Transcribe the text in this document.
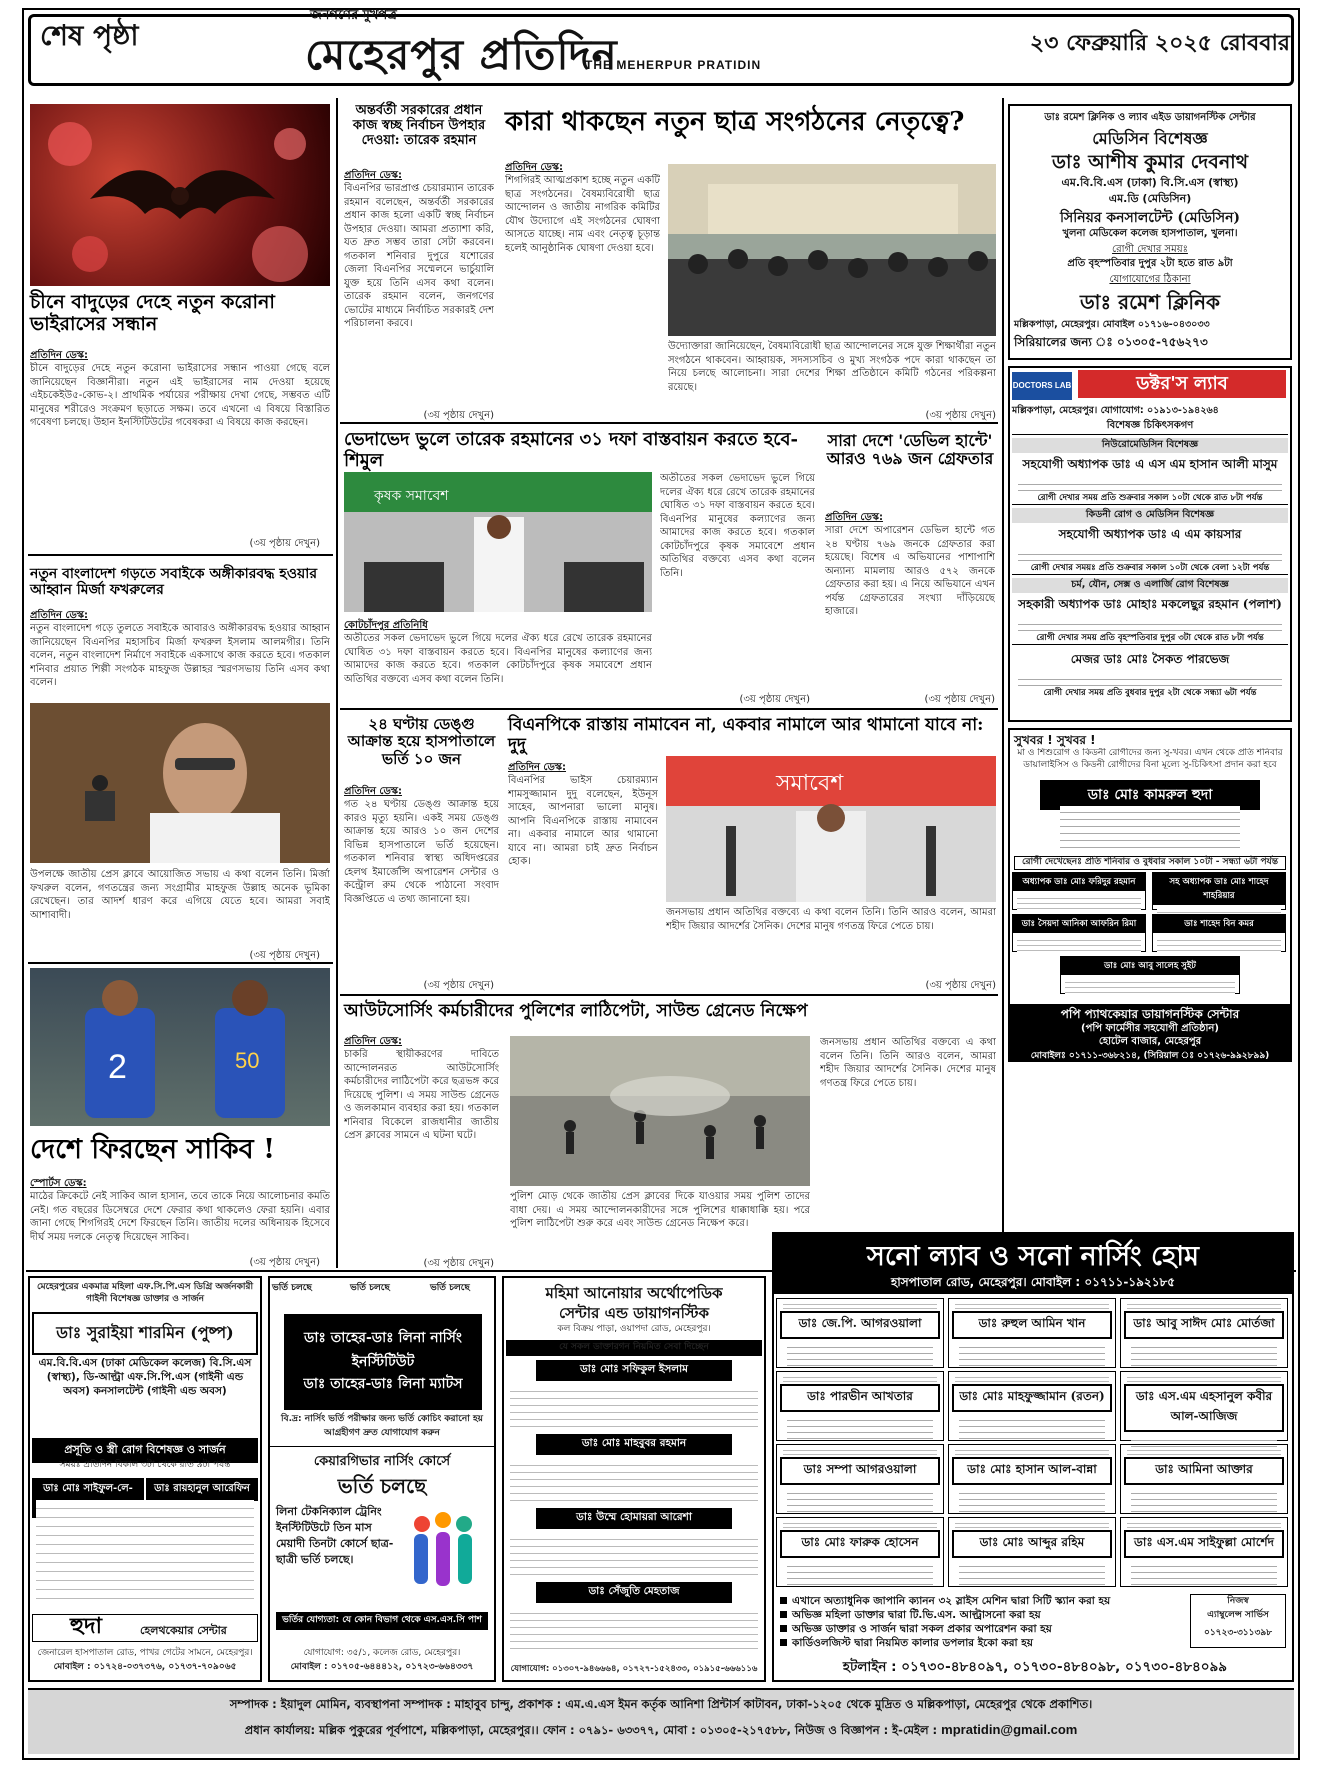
শেষ পৃষ্ঠা
জনগণের মুখপত্র
মেহেরপুর প্রতিদিন
THE MEHERPUR PRATIDIN
২৩ ফেব্রুয়ারি ২০২৫ রোববার
চীনে বাদুড়ের দেহে নতুন করোনা ভাইরাসের সন্ধান
প্রতিদিন ডেস্ক:
চীনে বাদুড়ের দেহে নতুন করোনা ভাইরাসের সন্ধান পাওয়া গেছে বলে জানিয়েছেন বিজ্ঞানীরা। নতুন এই ভাইরাসের নাম দেওয়া হয়েছে এইচকেইউ৫-কোভ-২। প্রাথমিক পর্যায়ের পরীক্ষায় দেখা গেছে, সম্ভবত এটি মানুষের শরীরেও সংক্রমণ ছড়াতে সক্ষম। তবে এখনো এ বিষয়ে বিস্তারিত গবেষণা চলছে। উহান ইনস্টিটিউটের গবেষকরা এ বিষয়ে কাজ করছেন।
(৩য় পৃষ্ঠায় দেখুন)
নতুন বাংলাদেশ গড়তে সবাইকে অঙ্গীকারবদ্ধ হওয়ার আহ্বান মির্জা ফখরুলের
প্রতিদিন ডেস্ক:
নতুন বাংলাদেশ গড়ে তুলতে সবাইকে আবারও অঙ্গীকারবদ্ধ হওয়ার আহ্বান জানিয়েছেন বিএনপির মহাসচিব মির্জা ফখরুল ইসলাম আলমগীর। তিনি বলেন, নতুন বাংলাদেশ নির্মাণে সবাইকে একসাথে কাজ করতে হবে। গতকাল শনিবার প্রয়াত শিল্পী সংগঠক মাহফুজ উল্লাহর স্মরণসভায় তিনি এসব কথা বলেন।
উপলক্ষে জাতীয় প্রেস ক্লাবে আয়োজিত সভায় এ কথা বলেন তিনি। মির্জা ফখরুল বলেন, গণতন্ত্রের জন্য সংগ্রামীর মাহফুজ উল্লাহ অনেক ভূমিকা রেখেছেন। তার আদর্শ ধারণ করে এগিয়ে যেতে হবে। আমরা সবাই আশাবাদী।
(৩য় পৃষ্ঠায় দেখুন)
2	50
দেশে ফিরছেন সাকিব !
স্পোর্টস ডেস্ক:
মাঠের ক্রিকেটে নেই সাকিব আল হাসান, তবে তাকে নিয়ে আলোচনার কমতি নেই। গত বছরের ডিসেম্বরে দেশে ফেরার কথা থাকলেও ফেরা হয়নি। এবার জানা গেছে শিগগিরই দেশে ফিরছেন তিনি। জাতীয় দলের অধিনায়ক হিসেবে দীর্ঘ সময় দলকে নেতৃত্ব দিয়েছেন সাকিব।
(৩য় পৃষ্ঠায় দেখুন)
অন্তর্বর্তী সরকারের প্রধান কাজ স্বচ্ছ নির্বাচন উপহার দেওয়া: তারেক রহমান
প্রতিদিন ডেস্ক:
বিএনপির ভারপ্রাপ্ত চেয়ারম্যান তারেক রহমান বলেছেন, অন্তর্বর্তী সরকারের প্রধান কাজ হলো একটি স্বচ্ছ নির্বাচন উপহার দেওয়া। আমরা প্রত্যাশা করি, যত দ্রুত সম্ভব তারা সেটা করবেন। গতকাল শনিবার দুপুরে যশোরের জেলা বিএনপির সম্মেলনে ভার্চুয়ালি যুক্ত হয়ে তিনি এসব কথা বলেন। তারেক রহমান বলেন, জনগণের ভোটের মাধ্যমে নির্বাচিত সরকারই দেশ পরিচালনা করবে।
(৩য় পৃষ্ঠায় দেখুন)
কারা থাকছেন নতুন ছাত্র সংগঠনের নেতৃত্বে?
প্রতিদিন ডেস্ক:
শিগগিরই আত্মপ্রকাশ হচ্ছে নতুন একটি ছাত্র সংগঠনের। বৈষম্যবিরোধী ছাত্র আন্দোলন ও জাতীয় নাগরিক কমিটির যৌথ উদ্যোগে এই সংগঠনের ঘোষণা আসতে যাচ্ছে। নাম এবং নেতৃত্ব চূড়ান্ত হলেই আনুষ্ঠানিক ঘোষণা দেওয়া হবে।
উদ্যোক্তারা জানিয়েছেন, বৈষম্যবিরোধী ছাত্র আন্দোলনের সঙ্গে যুক্ত শিক্ষার্থীরা নতুন সংগঠনে থাকবেন। আহ্বায়ক, সদস্যসচিব ও মুখ্য সংগঠক পদে কারা থাকছেন তা নিয়ে চলছে আলোচনা। সারা দেশের শিক্ষা প্রতিষ্ঠানে কমিটি গঠনের পরিকল্পনা রয়েছে।
(৩য় পৃষ্ঠায় দেখুন)
ভেদাভেদ ভুলে তারেক রহমানের ৩১ দফা বাস্তবায়ন করতে হবে- শিমুল
কৃষক সমাবেশ
অতীতের সকল ভেদাভেদ ভুলে গিয়ে দলের ঐক্য ধরে রেখে তারেক রহমানের ঘোষিত ৩১ দফা বাস্তবায়ন করতে হবে। বিএনপির মানুষের কল্যাণের জন্য আমাদের কাজ করতে হবে। গতকাল কোটচাঁদপুরে কৃষক সমাবেশে প্রধান অতিথির বক্তব্যে এসব কথা বলেন তিনি।
কোটচাঁদপুর প্রতিনিধি
অতীতের সকল ভেদাভেদ ভুলে গিয়ে দলের ঐক্য ধরে রেখে তারেক রহমানের ঘোষিত ৩১ দফা বাস্তবায়ন করতে হবে। বিএনপির মানুষের কল্যাণের জন্য আমাদের কাজ করতে হবে। গতকাল কোটচাঁদপুরে কৃষক সমাবেশে প্রধান অতিথির বক্তব্যে এসব কথা বলেন তিনি।
(৩য় পৃষ্ঠায় দেখুন)
সারা দেশে 'ডেভিল হান্টে' আরও ৭৬৯ জন গ্রেফতার
প্রতিদিন ডেস্ক:
সারা দেশে অপারেশন ডেভিল হান্টে গত ২৪ ঘণ্টায় ৭৬৯ জনকে গ্রেফতার করা হয়েছে। বিশেষ এ অভিযানের পাশাপাশি অন্যান্য মামলায় আরও ৫৭২ জনকে গ্রেফতার করা হয়। এ নিয়ে অভিযানে এখন পর্যন্ত গ্রেফতারের সংখ্যা দাঁড়িয়েছে হাজারে।
(৩য় পৃষ্ঠায় দেখুন)
২৪ ঘণ্টায় ডেঙ্গু আক্রান্ত হয়ে হাসপাতালে ভর্তি ১০ জন
প্রতিদিন ডেস্ক:
গত ২৪ ঘণ্টায় ডেঙ্গু আক্রান্ত হয়ে কারও মৃত্যু হয়নি। একই সময় ডেঙ্গু আক্রান্ত হয়ে আরও ১০ জন দেশের বিভিন্ন হাসপাতালে ভর্তি হয়েছেন। গতকাল শনিবার স্বাস্থ্য অধিদপ্তরের হেলথ ইমার্জেন্সি অপারেশন সেন্টার ও কন্ট্রোল রুম থেকে পাঠানো সংবাদ বিজ্ঞপ্তিতে এ তথ্য জানানো হয়।
(৩য় পৃষ্ঠায় দেখুন)
বিএনপিকে রাস্তায় নামাবেন না, একবার নামালে আর থামানো যাবে না: দুদু
প্রতিদিন ডেস্ক:
বিএনপির ভাইস চেয়ারম্যান শামসুজ্জামান দুদু বলেছেন, ইউনূস সাহেব, আপনারা ভালো মানুষ। আপনি বিএনপিকে রাস্তায় নামাবেন না। একবার নামালে আর থামানো যাবে না। আমরা চাই দ্রুত নির্বাচন হোক।
সমাবেশ
জনসভায় প্রধান অতিথির বক্তব্যে এ কথা বলেন তিনি। তিনি আরও বলেন, আমরা শহীদ জিয়ার আদর্শের সৈনিক। দেশের মানুষ গণতন্ত্র ফিরে পেতে চায়।
(৩য় পৃষ্ঠায় দেখুন)
আউটসোর্সিং কর্মচারীদের পুলিশের লাঠিপেটা, সাউন্ড গ্রেনেড নিক্ষেপ
প্রতিদিন ডেস্ক:
চাকরি স্থায়ীকরণের দাবিতে আন্দোলনরত আউটসোর্সিং কর্মচারীদের লাঠিপেটা করে ছত্রভঙ্গ করে দিয়েছে পুলিশ। এ সময় সাউন্ড গ্রেনেড ও জলকামান ব্যবহার করা হয়। গতকাল শনিবার বিকেলে রাজধানীর জাতীয় প্রেস ক্লাবের সামনে এ ঘটনা ঘটে।
পুলিশ মোড় থেকে জাতীয় প্রেস ক্লাবের দিকে যাওয়ার সময় পুলিশ তাদের বাধা দেয়। এ সময় আন্দোলনকারীদের সঙ্গে পুলিশের ধাক্কাধাক্কি হয়। পরে পুলিশ লাঠিপেটা শুরু করে এবং সাউন্ড গ্রেনেড নিক্ষেপ করে।
জনসভায় প্রধান অতিথির বক্তব্যে এ কথা বলেন তিনি। তিনি আরও বলেন, আমরা শহীদ জিয়ার আদর্শের সৈনিক। দেশের মানুষ গণতন্ত্র ফিরে পেতে চায়।
(৩য় পৃষ্ঠায় দেখুন)
ডাঃ রমেশ ক্লিনিক ও ল্যাব এইড ডায়াগনস্টিক সেন্টার
মেডিসিন বিশেষজ্ঞ
ডাঃ আশীষ কুমার দেবনাথ
এম.বি.বি.এস (ঢাকা) বি.সি.এস (স্বাস্থ্য)
এম.ডি (মেডিসিন)
সিনিয়র কনসালটেন্ট (মেডিসিন)
খুলনা মেডিকেল কলেজ হাসপাতাল, খুলনা।
রোগী দেখার সময়ঃ
প্রতি বৃহস্পতিবার দুপুর ২টা হতে রাত ৯টা
যোগাযোগের ঠিকানা
ডাঃ রমেশ ক্লিনিক
মল্লিকপাড়া, মেহেরপুর। মোবাইল ০১৭১৬-০৪৩০৩৩
সিরিয়ালের জন্য ঃ ০১৩০৫-৭৫৬২৭৩
DOCTORS LAB	ডক্টর'স ল্যাব
মল্লিকপাড়া, মেহেরপুর। যোগাযোগ: ০১৯১৩-১৯৪২৬৪
বিশেষজ্ঞ চিকিৎসকগণ
নিউরোমেডিসিন বিশেষজ্ঞ
সহযোগী অধ্যাপক ডাঃ এ এস এম হাসান আলী মাসুম
রোগী দেখার সময় প্রতি শুক্রবার সকাল ১০টা থেকে রাত ৮টা পর্যন্ত
কিডনী রোগ ও মেডিসিন বিশেষজ্ঞ
সহযোগী অধ্যাপক ডাঃ এ এম কায়সার
রোগী দেখার সময়ঃ প্রতি শুক্রবার সকাল ১০টা থেকে বেলা ১২টা পর্যন্ত
চর্ম, যৌন, সেক্স ও এলার্জি রোগ বিশেষজ্ঞ
সহকারী অধ্যাপক ডাঃ মোহাঃ মকলেছুর রহমান (পলাশ)
রোগী দেখার সময় প্রতি বৃহস্পতিবার দুপুর ৩টা থেকে রাত ৮টা পর্যন্ত
মেজর ডাঃ মোঃ সৈকত পারভেজ
রোগী দেখার সময় প্রতি বুধবার দুপুর ২টা থেকে সন্ধ্যা ৬টা পর্যন্ত
সুখবর ! সুখবর !
মা ও শিশুরোগ ও কিডনী রোগীদের জন্য সু-খবর। এখন থেকে প্রতি শনিবার ডায়ালাইসিস ও কিডনী রোগীদের বিনা মূল্যে সু-চিকিৎসা প্রদান করা হবে
ডাঃ মোঃ কামরুল হুদা
রোগী দেখেছেনঃ প্রতি শনিবার ও বুধবার সকাল ১০টা - সন্ধ্যা ৬টা পর্যন্ত
অধ্যাপক ডাঃ মোঃ ফরিদুর রহমান	সহ অধ্যাপক ডাঃ মোঃ শাহেদ শাহরিয়ার
ডাঃ সৈয়দা আনিকা আফরিন রিমা	ডাঃ শাহেদ বিন কমর
ডাঃ মোঃ আবু সালেহ সুইট
পপি প্যাথকেয়ার ডায়াগনস্টিক সেন্টার
(পপি ফার্মেসীর সহযোগী প্রতিষ্ঠান)
হোটেল বাজার, মেহেরপুর
মোবাইলঃ ০১৭১১-৩৬৮২১৪, (সিরিয়াল ঃ ০১৭২৬-৯৯২৮৯৯)
মেহেরপুরের একমাত্র মহিলা এফ.সি.পি.এস ডিগ্রি অর্জনকারী গাইনী বিশেষজ্ঞ ডাক্তার ও সার্জন
ডাঃ সুরাইয়া শারমিন (পুষ্প)
এম.বি.বি.এস (ঢাকা মেডিকেল কলেজ) বি.সি.এস (স্বাস্থ্য), ডি-আল্ট্রা এফ.সি.পি.এস (গাইনী এন্ড অবস) কনসালটেন্ট (গাইনী এন্ড অবস)
প্রসূতি ও স্ত্রী রোগ বিশেষজ্ঞ ও সার্জন
সময়ঃ প্রতিদিন বিকাল ৩টা থেকে রাত ৯টা পর্যন্ত
ডাঃ মোঃ সাইফুল-লে-	ডাঃ রায়হানুল আরেফিন
হুদা	হেলথকেয়ার সেন্টার
জেনারেল হাসপাতাল রোড, পাখর গেটের সামনে, মেহেরপুর।
মোবাইল : ০১৭২৪-০৩৭৩৭৬, ০১৭৩৭-৭০৯০৬৫
ভর্তি চলছে	ভর্তি চলছে	ভর্তি চলছে
ডাঃ তাহের-ডাঃ লিনা নার্সিং ইনস্টিটিউট
ডাঃ তাহের-ডাঃ লিনা ম্যাটস
বি.দ্র: নার্সিং ভর্তি পরীক্ষার জন্য ভর্তি কোচিং করানো হয়
আগ্রহীগণ দ্রুত যোগাযোগ করুন
কেয়ারগিভার নার্সিং কোর্সে
ভর্তি চলছে
লিনা টেকনিক্যাল ট্রেনিং ইনস্টিটিউটে তিন মাস মেয়াদী তিনটা কোর্সে ছাত্র-ছাত্রী ভর্তি চলছে।
ভর্তির যোগ্যতা: যে কোন বিভাগ থেকে এস.এস.সি পাশ
যোগাযোগ: ৩৫/১, কলেজ রোড, মেহেরপুর।
মোবাইল : ০১৭০৫-৬৪৪৪১২, ০১৭২৩-৬৬৪৩৩৭
মহিমা আনোয়ার অর্থোপেডিক
সেন্টার এন্ড ডায়াগনস্টিক
কল বিক্রয় পাড়া, ওয়াপদা রোড, মেহেরপুর।
যে সকল ডাক্তারগন নিয়মিত সেবা দিচ্ছেন
ডাঃ মোঃ সফিকুল ইসলাম
ডাঃ মোঃ মাহবুবর রহমান
ডাঃ উম্মে হোমায়রা আরেশা
ডাঃ সেঁজুতি মেহতাজ
যোগাযোগ: ০১৩০৭-৯৪৬৬৬৪, ০১৭২৭-১৫২৪৩৩, ০১৯১৫-৬৬৬১১৬
সনো ল্যাব ও সনো নার্সিং হোম
হাসপাতাল রোড, মেহেরপুর। মোবাইল : ০১৭১১-১৯২১৮৫
ডাঃ জে.পি. আগরওয়ালা	ডাঃ রুহুল আমিন খান	ডাঃ আবু সাঈদ মোঃ মোর্তজা
ডাঃ পারভীন আখতার	ডাঃ মোঃ মাহফুজ্জামান (রতন)	ডাঃ এস.এম এহসানুল কবীর আল-আজিজ
ডাঃ সম্পা আগরওয়ালা	ডাঃ মোঃ হাসান আল-বান্না	ডাঃ আমিনা আক্তার
ডাঃ মোঃ ফারুক হোসেন	ডাঃ মোঃ আব্দুর রহিম	ডাঃ এস.এম সাইফুল্লা মোর্শেদ
এখানে অত্যাধুনিক জাপানি ক্যানন ৩২ স্লাইস মেশিন দ্বারা সিটি স্ক্যান করা হয়
অভিজ্ঞ মহিলা ডাক্তার দ্বারা টি.ভি.এস. আল্ট্রাসনো করা হয়
অভিজ্ঞ ডাক্তার ও সার্জন দ্বারা সকল প্রকার অপারেশন করা হয়
কার্ডিওলজিস্ট দ্বারা নিয়মিত কালার ডপলার ইকো করা হয়
নিজস্ব
এ্যাম্বুলেন্স সার্ভিস
০১৭২৩-৩১১৩৯৮
হটলাইন : ০১৭৩০-৪৮৪০৯৭, ০১৭৩০-৪৮৪০৯৮, ০১৭৩০-৪৮৪০৯৯
সম্পাদক : ইয়াদুল মোমিন, ব্যবস্থাপনা সম্পাদক : মাহাবুব চান্দু, প্রকাশক : এম.এ.এস ইমন কর্তৃক আনিশা প্রিন্টার্স কাটাবন, ঢাকা-১২০৫ থেকে মুদ্রিত ও মল্লিকপাড়া, মেহেরপুর থেকে প্রকাশিত।
প্রধান কার্যালয়: মল্লিক পুকুরের পূর্বপাশে, মল্লিকপাড়া, মেহেরপুর।। ফোন : ০৭৯১- ৬৩৩৭৭, মোবা : ০১৩০৫-২১৭৫৮৮, নিউজ ও বিজ্ঞাপন : ই-মেইল : mpratidin@gmail.com
